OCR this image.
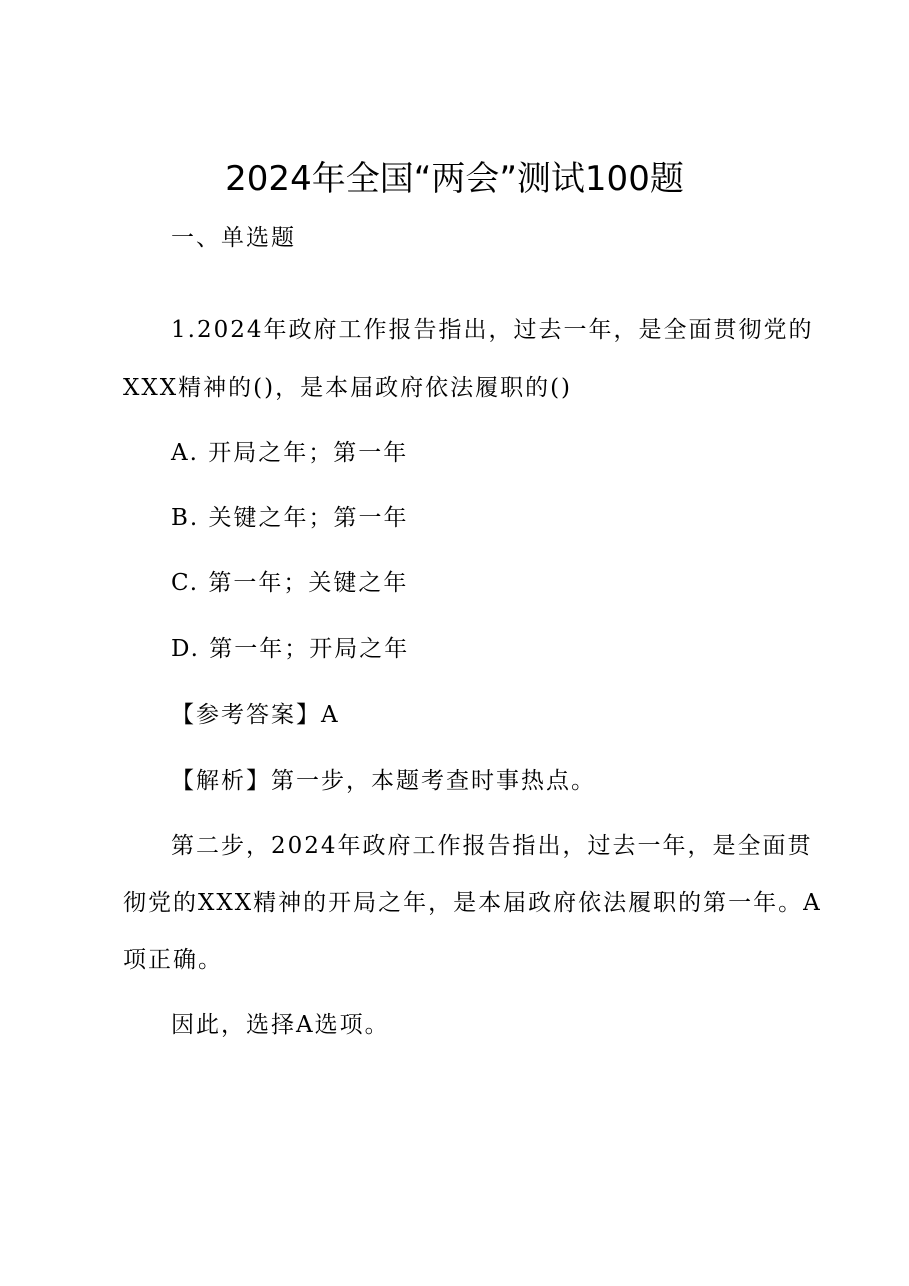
2024年全国“两会”测试100题
一、单选题
1.2024年政府工作报告指出，过去一年，是全面贯彻党的
XXX精神的()，是本届政府依法履职的()
A. 开局之年；第一年
B. 关键之年；第一年
C. 第一年；关键之年
D. 第一年；开局之年
【参考答案】A
【解析】第一步，本题考查时事热点。
第二步，2024年政府工作报告指出，过去一年，是全面贯
彻党的XXX精神的开局之年，是本届政府依法履职的第一年。A
项正确。
因此，选择A选项。
